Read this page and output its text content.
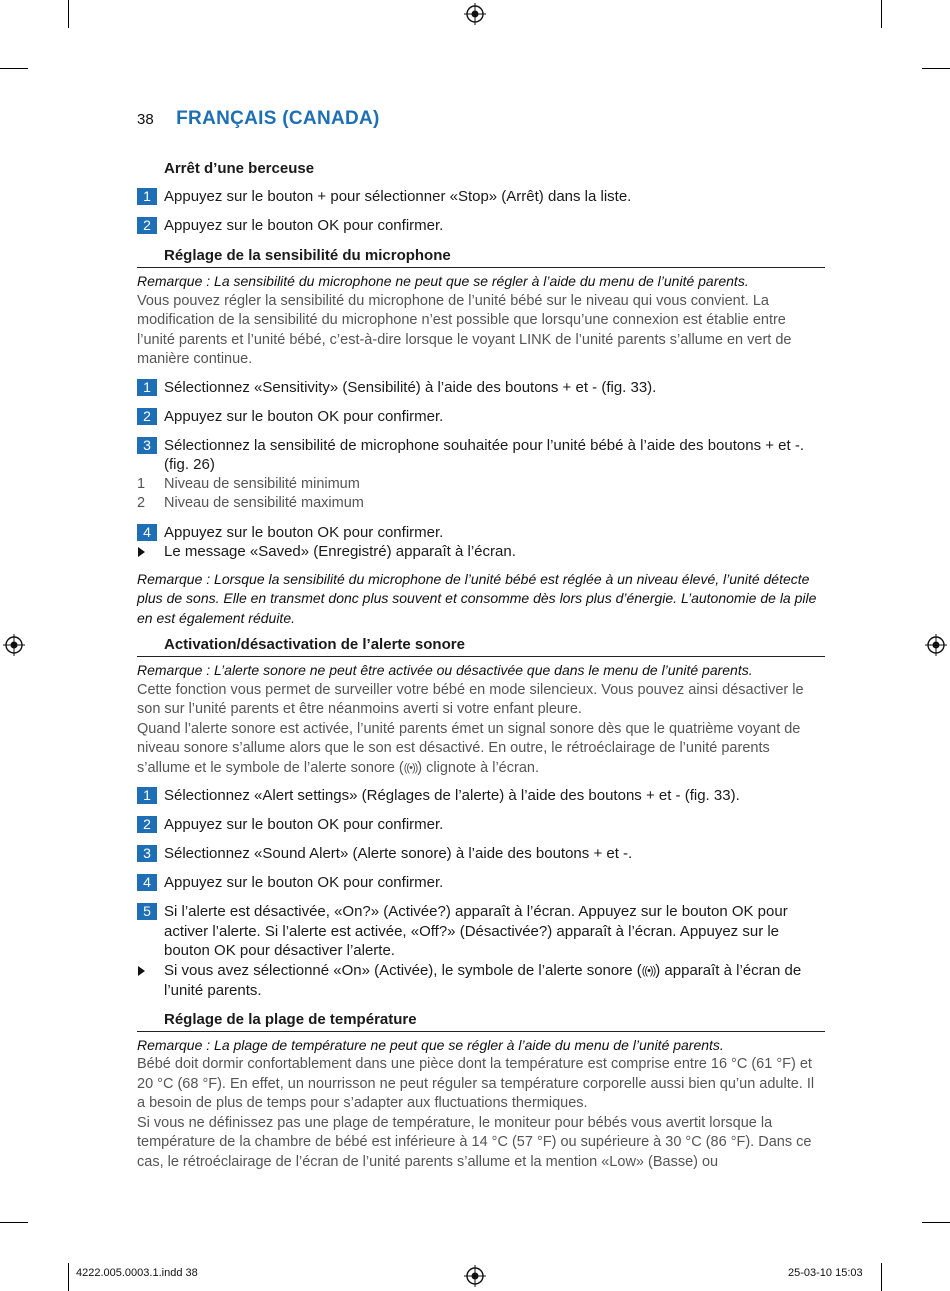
38 FRANÇAIS (CANADA)
Arrêt d’une berceuse
1 Appuyez sur le bouton + pour sélectionner «Stop» (Arrêt) dans la liste.
2 Appuyez sur le bouton OK pour confirmer.
Réglage de la sensibilité du microphone
Remarque : La sensibilité du microphone ne peut que se régler à l’aide du menu de l’unité parents.
Vous pouvez régler la sensibilité du microphone de l’unité bébé sur le niveau qui vous convient. La modification de la sensibilité du microphone n’est possible que lorsqu’une connexion est établie entre l’unité parents et l’unité bébé, c’est-à-dire lorsque le voyant LINK de l’unité parents s’allume en vert de manière continue.
1 Sélectionnez «Sensitivity» (Sensibilité) à l’aide des boutons + et - (fig. 33).
2 Appuyez sur le bouton OK pour confirmer.
3 Sélectionnez la sensibilité de microphone souhaitée pour l’unité bébé à l’aide des boutons + et -. (fig. 26)
1 Niveau de sensibilité minimum
2 Niveau de sensibilité maximum
4 Appuyez sur le bouton OK pour confirmer.
Le message «Saved» (Enregistré) apparaît à l’écran.
Remarque : Lorsque la sensibilité du microphone de l’unité bébé est réglée à un niveau élevé, l’unité détecte plus de sons. Elle en transmet donc plus souvent et consomme dès lors plus d’énergie. L’autonomie de la pile en est également réduite.
Activation/désactivation de l’alerte sonore
Remarque : L’alerte sonore ne peut être activée ou désactivée que dans le menu de l’unité parents.
Cette fonction vous permet de surveiller votre bébé en mode silencieux. Vous pouvez ainsi désactiver le son sur l’unité parents et être néanmoins averti si votre enfant pleure.
Quand l’alerte sonore est activée, l’unité parents émet un signal sonore dès que le quatrième voyant de niveau sonore s’allume alors que le son est désactivé. En outre, le rétroéclairage de l’unité parents s’allume et le symbole de l’alerte sonore (((•))) clignote à l’écran.
1 Sélectionnez «Alert settings» (Réglages de l’alerte) à l’aide des boutons + et - (fig. 33).
2 Appuyez sur le bouton OK pour confirmer.
3 Sélectionnez «Sound Alert» (Alerte sonore) à l’aide des boutons + et -.
4 Appuyez sur le bouton OK pour confirmer.
5 Si l’alerte est désactivée, «On?» (Activée?) apparaît à l’écran. Appuyez sur le bouton OK pour activer l’alerte. Si l’alerte est activée, «Off?» (Désactivée?) apparaît à l’écran. Appuyez sur le bouton OK pour désactiver l’alerte.
Si vous avez sélectionné «On» (Activée), le symbole de l’alerte sonore (((•))) apparaît à l’écran de l’unité parents.
Réglage de la plage de température
Remarque : La plage de température ne peut que se régler à l’aide du menu de l’unité parents.
Bébé doit dormir confortablement dans une pièce dont la température est comprise entre 16 °C (61 °F) et 20 °C (68 °F). En effet, un nourrisson ne peut réguler sa température corporelle aussi bien qu’un adulte. Il a besoin de plus de temps pour s’adapter aux fluctuations thermiques.
Si vous ne définissez pas une plage de température, le moniteur pour bébés vous avertit lorsque la température de la chambre de bébé est inférieure à 14 °C (57 °F) ou supérieure à 30 °C (86 °F). Dans ce cas, le rétroéclairage de l’écran de l’unité parents s’allume et la mention «Low» (Basse) ou
4222.005.0003.1.indd 38	25-03-10 15:03
